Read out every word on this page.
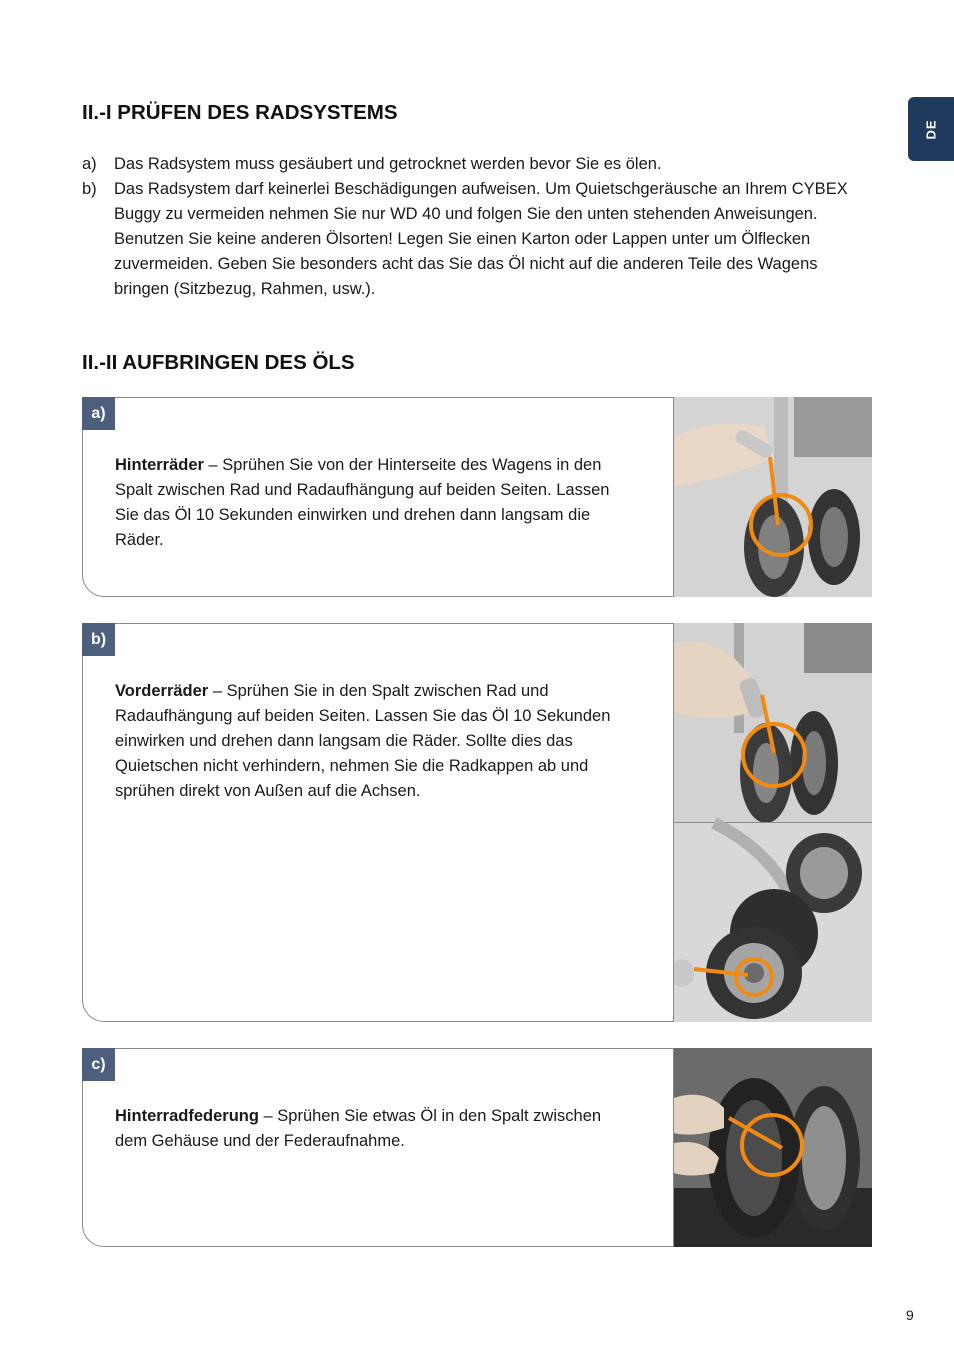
DE
II.-I PRÜFEN DES RADSYSTEMS
a)	Das Radsystem muss gesäubert und getrocknet werden bevor Sie es ölen.
b)	Das Radsystem darf keinerlei Beschädigungen aufweisen. Um Quietschgeräusche an Ihrem CYBEX Buggy zu vermeiden nehmen Sie nur WD 40 und folgen Sie den unten stehenden Anweisungen. Benutzen Sie keine anderen Ölsorten! Legen Sie einen Karton oder Lappen unter um Ölflecken zuvermeiden. Geben Sie besonders acht das Sie das Öl nicht auf die anderen Teile des Wagens bringen (Sitzbezug, Rahmen, usw.).
II.-II AUFBRINGEN DES ÖLS
a)
Hinterräder – Sprühen Sie von der Hinterseite des Wagens in den Spalt zwischen Rad und Radaufhängung auf beiden Seiten. Lassen Sie das Öl 10 Sekunden einwirken und drehen dann langsam die Räder.
b)
Vorderräder – Sprühen Sie in den Spalt zwischen Rad und Radaufhängung auf beiden Seiten. Lassen Sie das Öl 10 Sekunden einwirken und drehen dann langsam die Räder. Sollte dies das Quietschen nicht verhindern, nehmen Sie die Radkappen ab und sprühen direkt von Außen auf die Achsen.
c)
Hinterradfederung – Sprühen Sie etwas Öl in den Spalt zwischen dem Gehäuse und der Federaufnahme.
9
